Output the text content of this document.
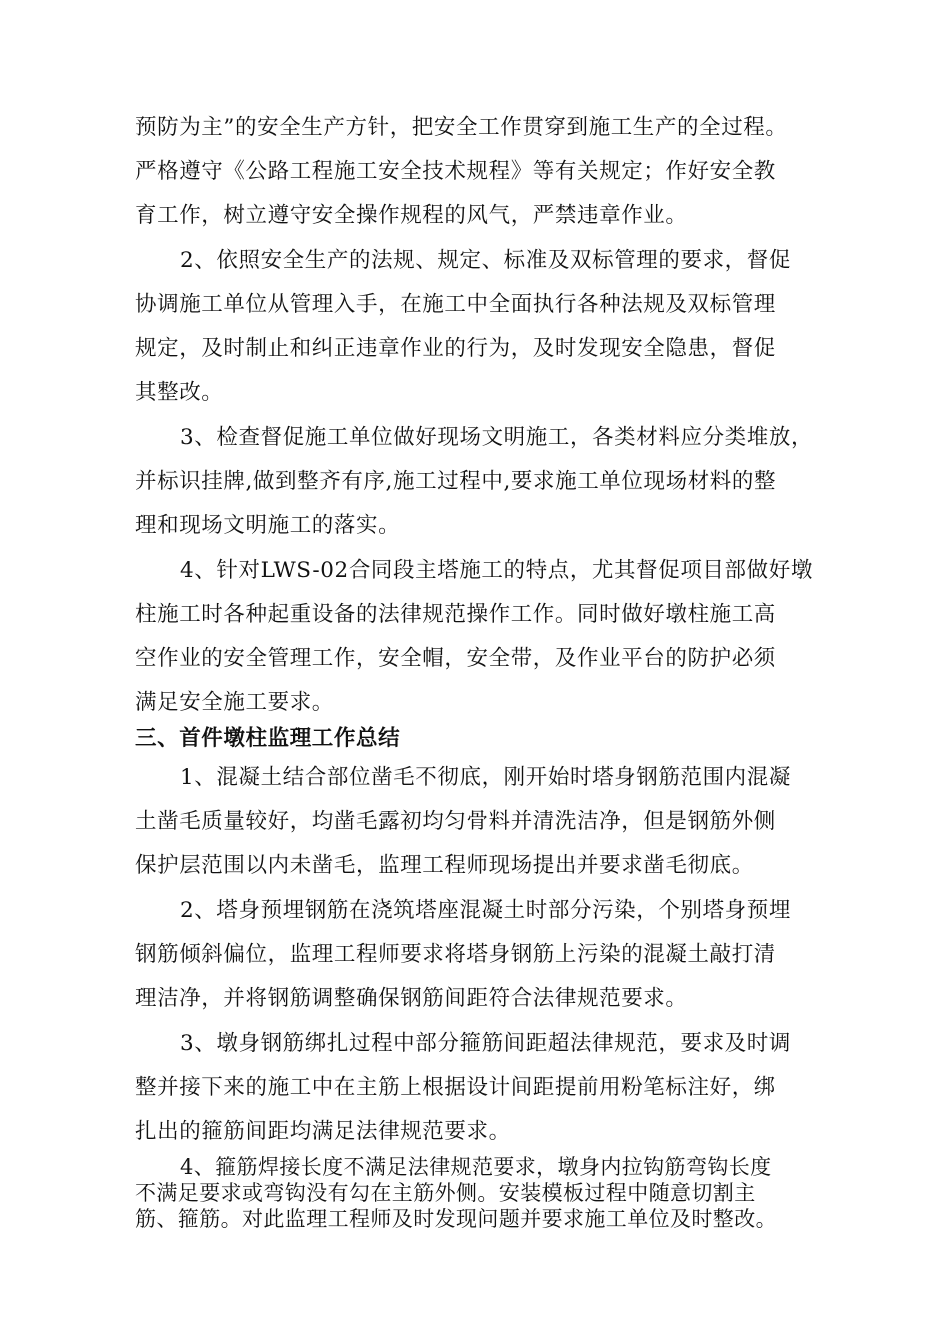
预防为主”的安全生产方针，把安全工作贯穿到施工生产的全过程。
严格遵守《公路工程施工安全技术规程》等有关规定；作好安全教
育工作，树立遵守安全操作规程的风气，严禁违章作业。
2、依照安全生产的法规、规定、标准及双标管理的要求，督促
协调施工单位从管理入手，在施工中全面执行各种法规及双标管理
规定，及时制止和纠正违章作业的行为，及时发现安全隐患，督促
其整改。
3、检查督促施工单位做好现场文明施工，各类材料应分类堆放，
并标识挂牌,做到整齐有序,施工过程中,要求施工单位现场材料的整
理和现场文明施工的落实。
4、针对LWS-02合同段主塔施工的特点，尤其督促项目部做好墩
柱施工时各种起重设备的法律规范操作工作。同时做好墩柱施工高
空作业的安全管理工作，安全帽，安全带，及作业平台的防护必须
满足安全施工要求。
三、首件墩柱监理工作总结
1、混凝土结合部位凿毛不彻底，刚开始时塔身钢筋范围内混凝
土凿毛质量较好，均凿毛露初均匀骨料并清洗洁净，但是钢筋外侧
保护层范围以内未凿毛，监理工程师现场提出并要求凿毛彻底。
2、塔身预埋钢筋在浇筑塔座混凝土时部分污染，个别塔身预埋
钢筋倾斜偏位，监理工程师要求将塔身钢筋上污染的混凝土敲打清
理洁净，并将钢筋调整确保钢筋间距符合法律规范要求。
3、墩身钢筋绑扎过程中部分箍筋间距超法律规范，要求及时调
整并接下来的施工中在主筋上根据设计间距提前用粉笔标注好，绑
扎出的箍筋间距均满足法律规范要求。
4、箍筋焊接长度不满足法律规范要求，墩身内拉钩筋弯钩长度
不满足要求或弯钩没有勾在主筋外侧。安装模板过程中随意切割主
筋、箍筋。对此监理工程师及时发现问题并要求施工单位及时整改。
